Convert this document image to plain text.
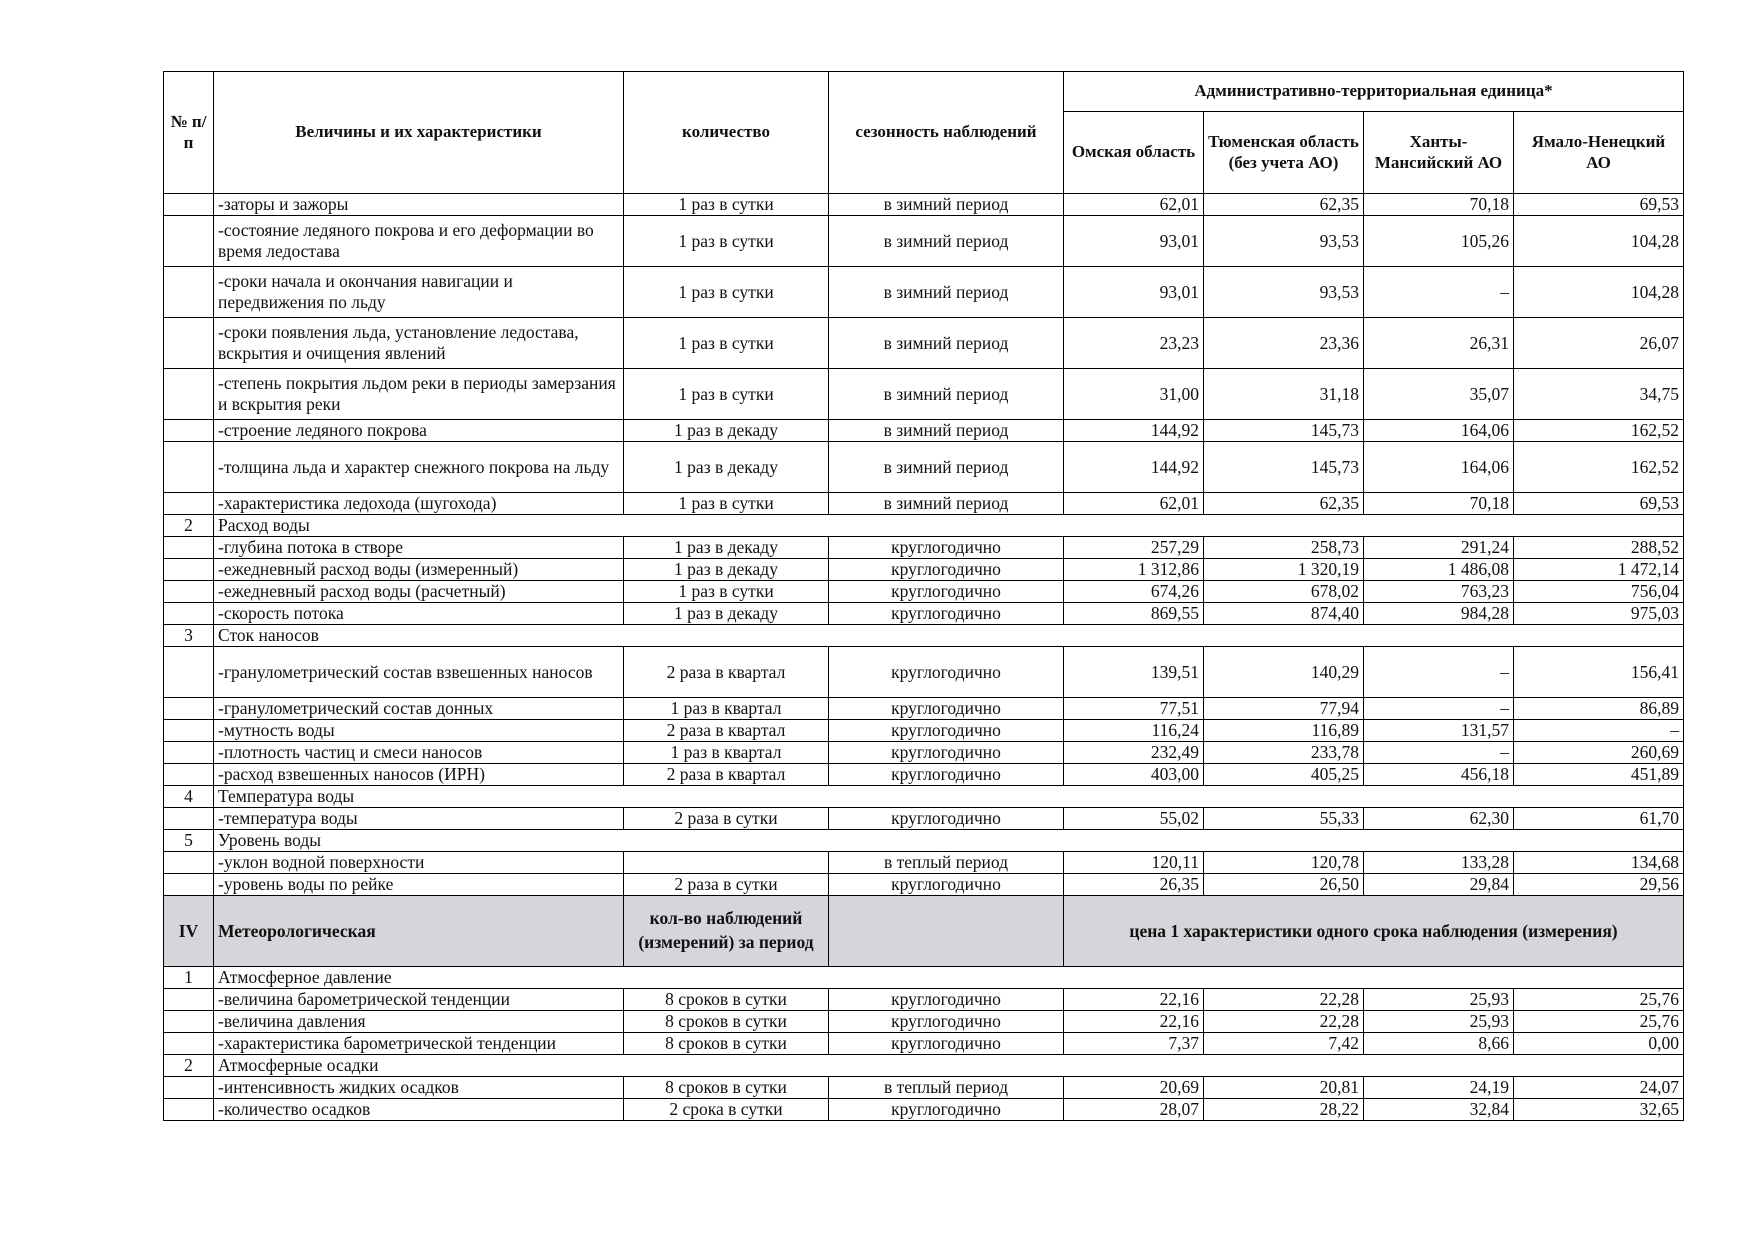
№ п/п	Величины и их характеристики	количество	сезонность наблюдений	Административно-территориальная единица*			
				Омская область	Тюменская область (без учета АО)	Ханты-Мансийский АО	Ямало-Ненецкий АО
	-заторы и зажоры	1 раз в сутки	в зимний период	62,01	62,35	70,18	69,53
	-состояние ледяного покрова и его деформации во время ледостава	1 раз в сутки	в зимний период	93,01	93,53	105,26	104,28
	-сроки начала и окончания навигации и передвижения по льду	1 раз в сутки	в зимний период	93,01	93,53	–	104,28
	-сроки появления льда, установление ледостава, вскрытия и очищения явлений	1 раз в сутки	в зимний период	23,23	23,36	26,31	26,07
	-степень покрытия льдом реки в периоды замерзания и вскрытия реки	1 раз в сутки	в зимний период	31,00	31,18	35,07	34,75
	-строение ледяного покрова	1 раз в декаду	в зимний период	144,92	145,73	164,06	162,52
	-толщина льда и характер снежного покрова на льду	1 раз в декаду	в зимний период	144,92	145,73	164,06	162,52
	-характеристика ледохода (шугохода)	1 раз в сутки	в зимний период	62,01	62,35	70,18	69,53
2	Расход воды						
	-глубина потока в створе	1 раз в декаду	круглогодично	257,29	258,73	291,24	288,52
	-ежедневный расход воды (измеренный)	1 раз в декаду	круглогодично	1 312,86	1 320,19	1 486,08	1 472,14
	-ежедневный расход воды (расчетный)	1 раз в сутки	круглогодично	674,26	678,02	763,23	756,04
	-скорость потока	1 раз в декаду	круглогодично	869,55	874,40	984,28	975,03
3	Сток наносов						
	-гранулометрический состав взвешенных наносов	2 раза в квартал	круглогодично	139,51	140,29	–	156,41
	-гранулометрический состав донных	1 раз в квартал	круглогодично	77,51	77,94	–	86,89
	-мутность воды	2 раза в квартал	круглогодично	116,24	116,89	131,57	–
	-плотность частиц и смеси наносов	1 раз в квартал	круглогодично	232,49	233,78	–	260,69
	-расход взвешенных наносов (ИРН)	2 раза в квартал	круглогодично	403,00	405,25	456,18	451,89
4	Температура воды						
	-температура воды	2 раза в сутки	круглогодично	55,02	55,33	62,30	61,70
5	Уровень воды						
	-уклон водной поверхности		в теплый период	120,11	120,78	133,28	134,68
	-уровень воды по рейке	2 раза в сутки	круглогодично	26,35	26,50	29,84	29,56
IV	Метеорологическая	кол-во наблюдений (измерений) за период		цена 1 характеристики одного срока наблюдения (измерения)			
1	Атмосферное давление						
	-величина барометрической тенденции	8 сроков в сутки	круглогодично	22,16	22,28	25,93	25,76
	-величина давления	8 сроков в сутки	круглогодично	22,16	22,28	25,93	25,76
	-характеристика барометрической тенденции	8 сроков в сутки	круглогодично	7,37	7,42	8,66	0,00
2	Атмосферные осадки						
	-интенсивность жидких осадков	8 сроков в сутки	в теплый период	20,69	20,81	24,19	24,07
	-количество осадков	2 срока в сутки	круглогодично	28,07	28,22	32,84	32,65
